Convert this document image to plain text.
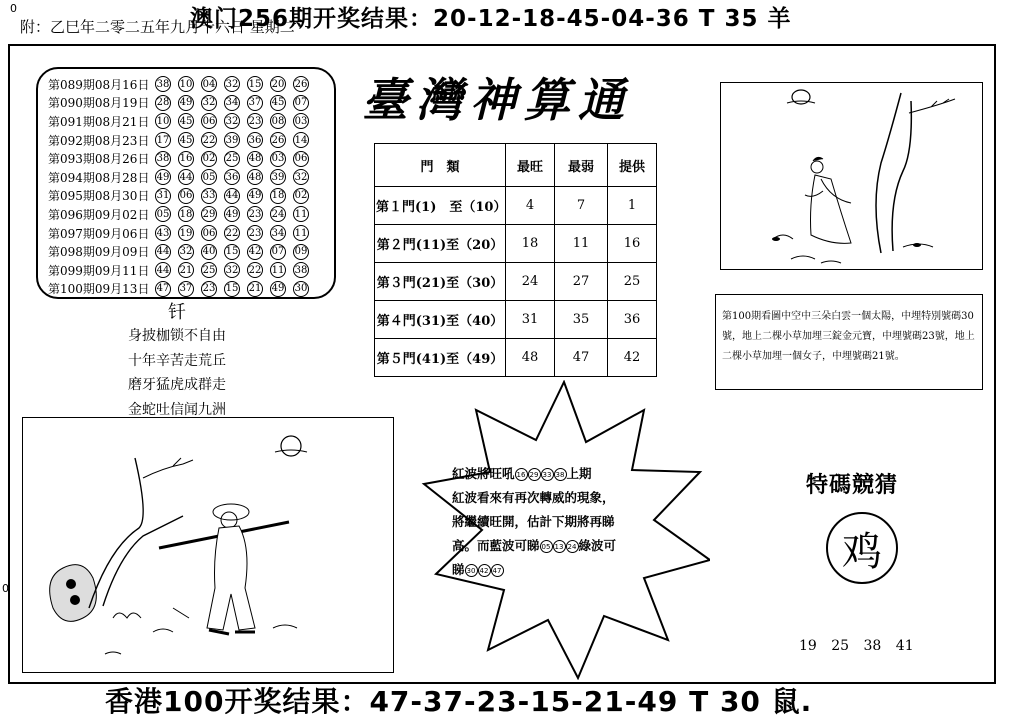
澳门256期开奖结果：20-12-18-45-04-36 T 35 羊
0
附：乙巳年二零二五年九月十六日 星期二
0
第089期08月16日 38 10 04 32 15 20 26
第090期08月19日 28 49 32 34 37 45 07
第091期08月21日 10 45 06 32 23 08 03
第092期08月23日 17 45 22 39 36 26 14
第093期08月26日 38 16 02 25 48 03 06
第094期08月28日 49 44 05 36 48 39 32
第095期08月30日 31 06 33 44 49 18 02
第096期09月02日 05 18 29 49 23 24 11
第097期09月06日 43 19 06 22 23 34 11
第098期09月09日 44 32 40 15 42 07 09
第099期09月11日 44 21 25 32 22 11 38
第100期09月13日 47 37 23 15 21 49 30
钎
身披枷锁不自由
十年辛苦走荒丘
磨牙猛虎成群走
金蛇吐信闻九洲
臺灣神算通
門　類	最旺	最弱	提供
第１門(1)　至（10）	4	7	1
第２門(11)至（20）	18	11	16
第３門(21)至（30）	24	27	25
第４門(31)至（40）	31	35	36
第５門(41)至（49）	48	47	42
第100期看圖中空中三朵白雲一個太陽，中埋特別號碼30號，地上二棵小草加埋三錠金元寶，中埋號碼23號，地上二棵小草加埋一個女子，中埋號碼21號。
紅波將旺吼 16 29 33 38 上期
紅波看來有再次轉威的現象，
將繼續旺開，估計下期將再睇
高。而藍波可睇 05 13 24 綠波可
睇 30 42 47
特碼競猜
鸡
19 25 38 41
香港100开奖结果：47-37-23-15-21-49 T 30 鼠.
